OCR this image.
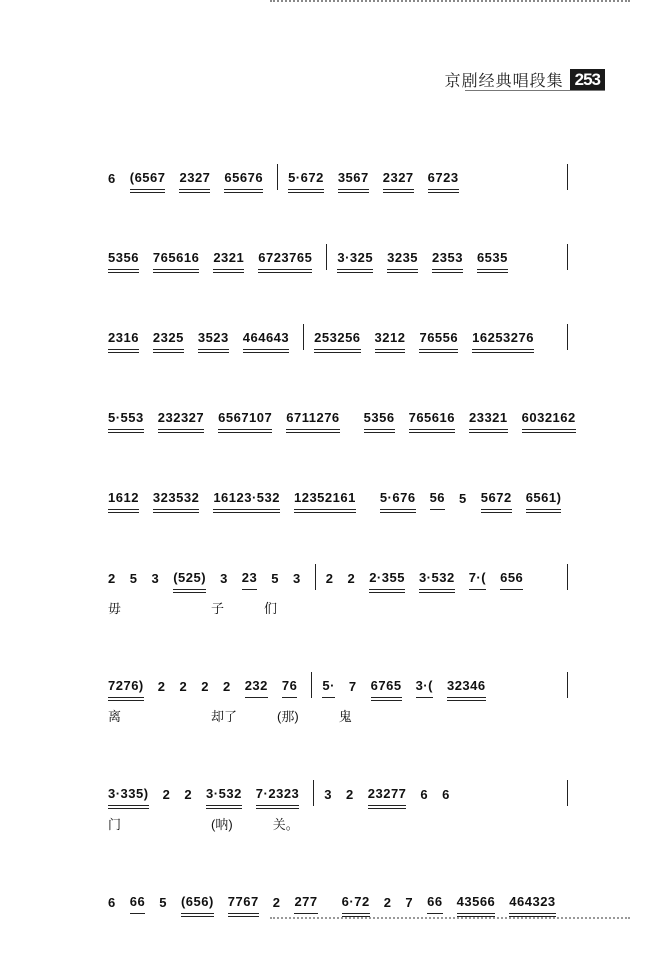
京剧经典唱段集 253
6 (6567 2327 65676 5·672 3567 2327 6723
5356 765616 2321 6723765 3·325 3235 2353 6535
2316 2325 3523 464643 253256 3212 76556 16253276
5·553 232327 6567107 6711276 5356 765616 23321 6032162
1612 323532 16123·532 12352161 5·676 56 5 5672 6561)
2 5 3 (525) 3 23 5 3 2 2 2·355 3·532 7·( 656
毋	子	们
7276) 2 2 2 2 232 76 5· 7 6765 3·( 32346
离	却了	(那)	鬼
3·335) 2 2 3·532 7·2323 3 2 23277 6 6
门	(呐)	关。
6 66 5 (656) 7767 2 277 6·72 2 7 66 43566 464323
